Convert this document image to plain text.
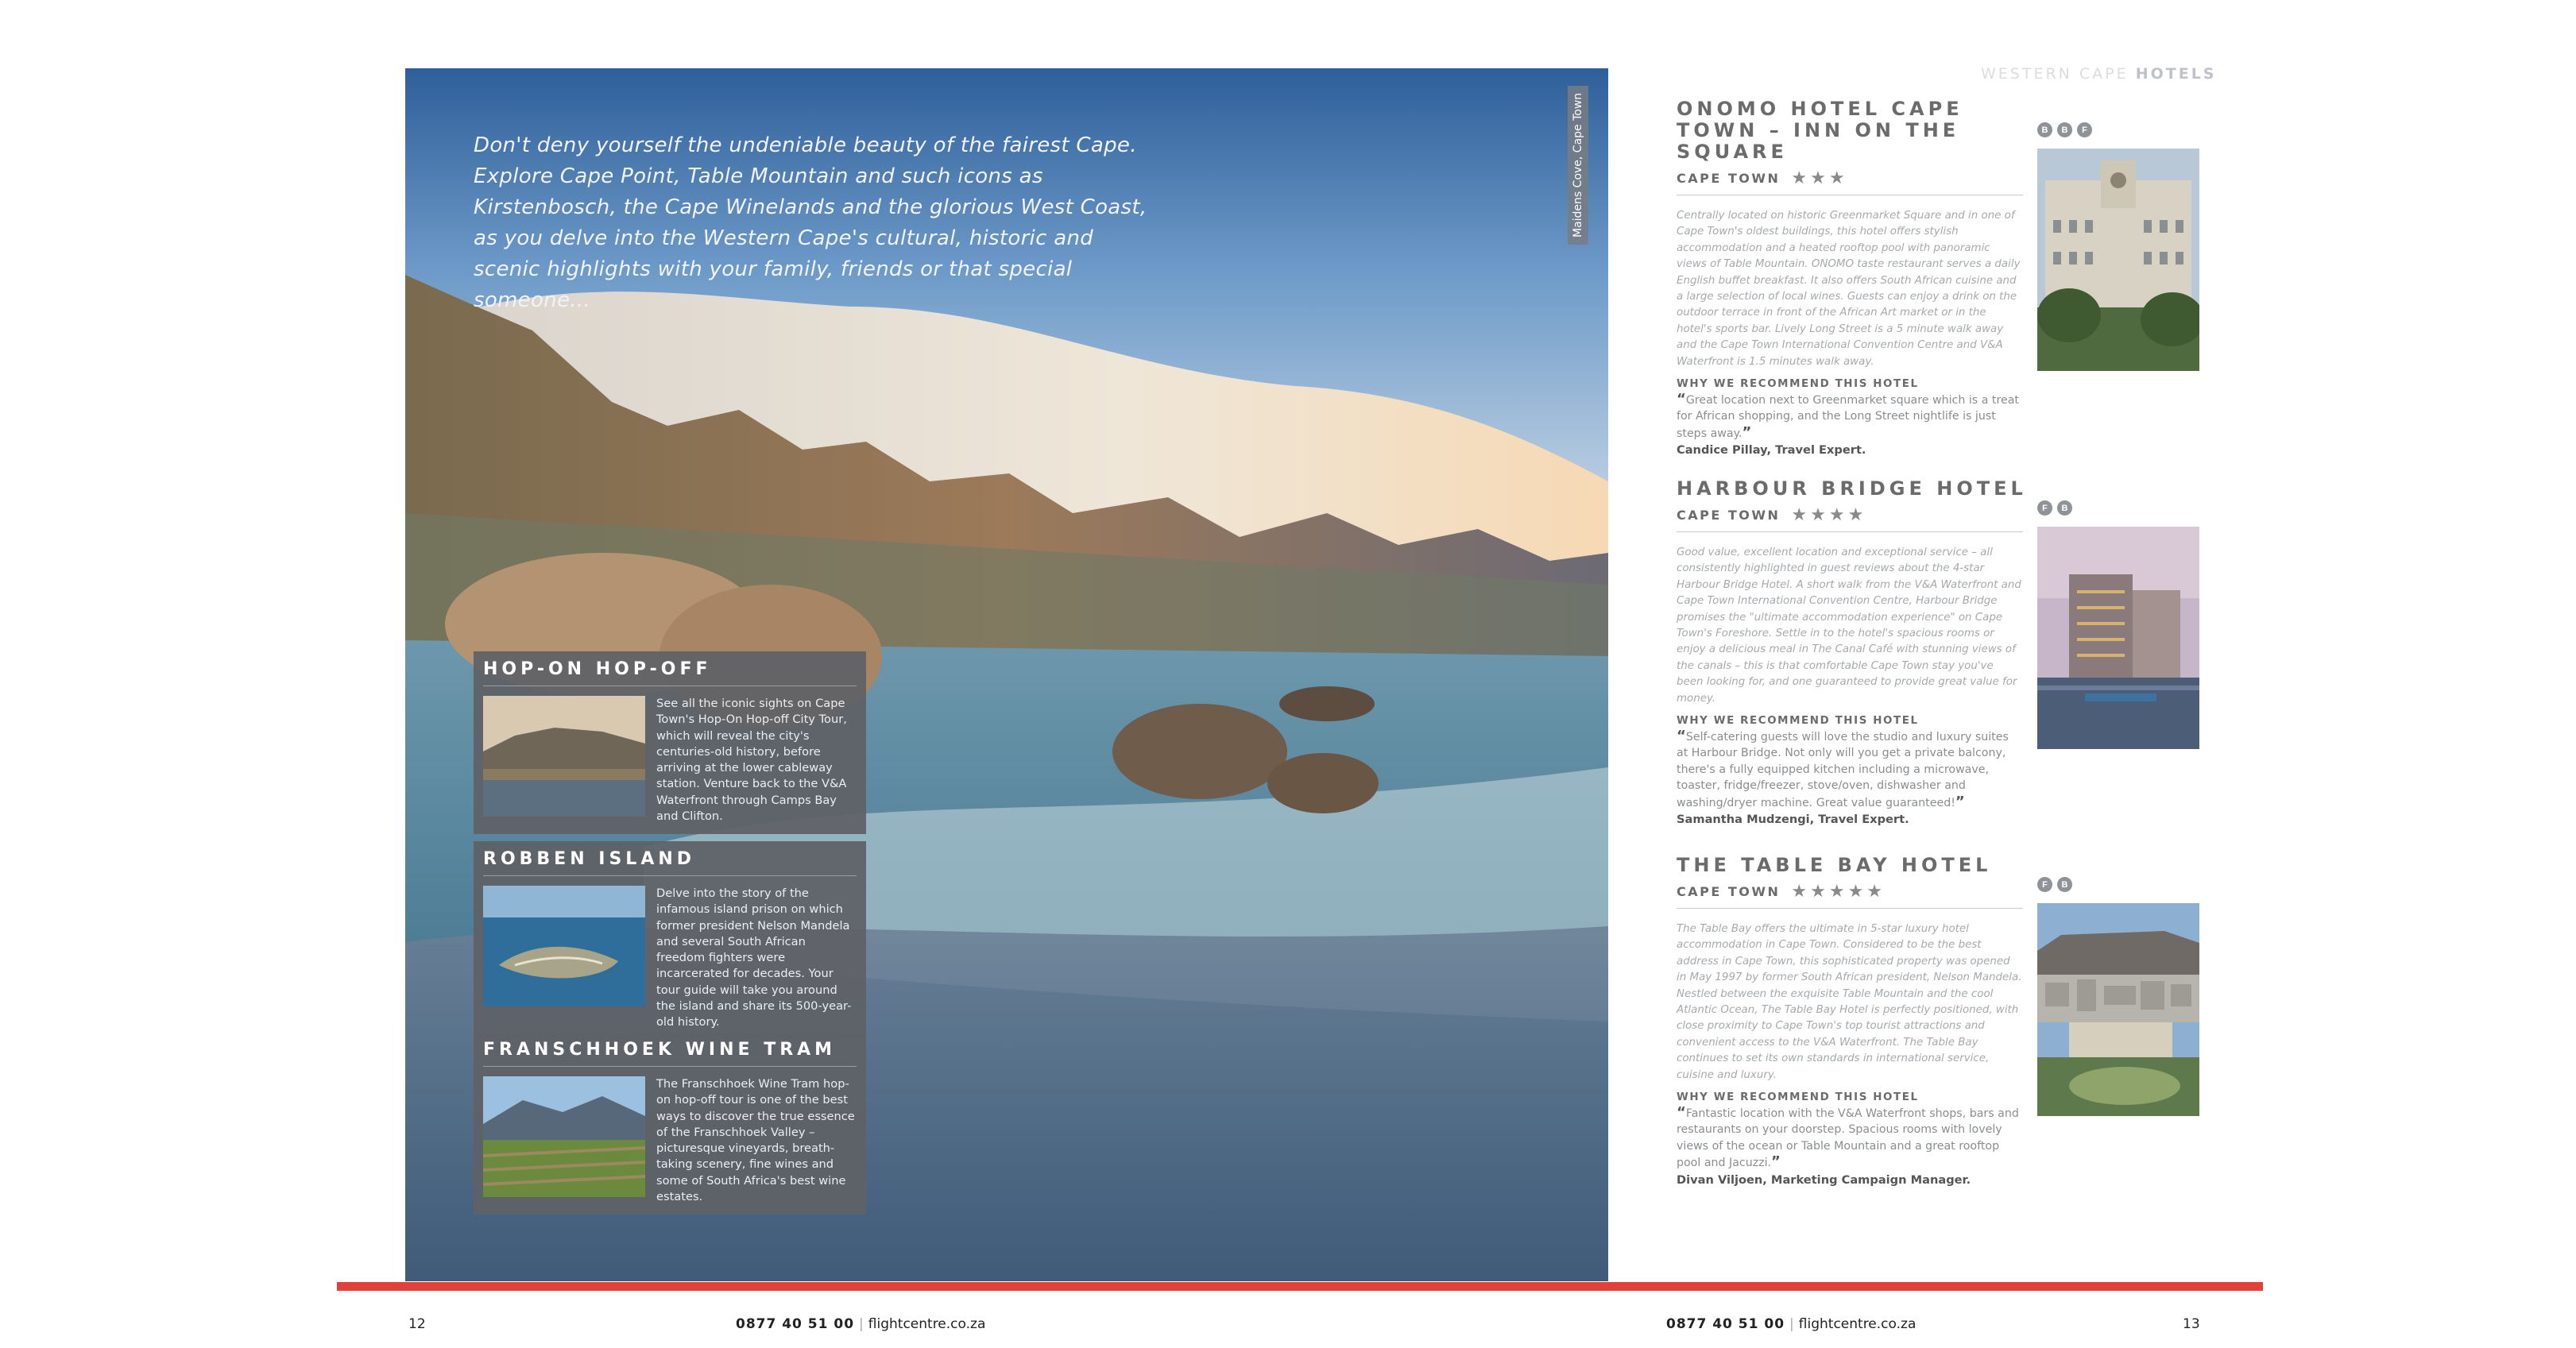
Don't deny yourself the undeniable beauty of the fairest Cape. Explore Cape Point, Table Mountain and such icons as Kirstenbosch, the Cape Winelands and the glorious West Coast, as you delve into the Western Cape's cultural, historic and scenic highlights with your family, friends or that special someone...

Maidens Cove, Cape Town
HOP-ON HOP-OFF

See all the iconic sights on Cape Town's Hop-On Hop-off City Tour, which will reveal the city's centuries-old history, before arriving at the lower cableway station. Venture back to the V&A Waterfront through Camps Bay and Clifton.

ROBBEN ISLAND

Delve into the story of the infamous island prison on which former president Nelson Mandela and several South African freedom fighters were incarcerated for decades. Your tour guide will take you around the island and share its 500-year-old history.

FRANSCHHOEK WINE TRAM

The Franschhoek Wine Tram hop-on hop-off tour is one of the best ways to discover the true essence of the Franschhoek Valley – picturesque vineyards, breath-taking scenery, fine wines and some of South Africa's best wine estates.

WESTERN CAPE HOTELS
ONOMO HOTEL CAPE TOWN – INN ON THE SQUARE
CAPE TOWN ★★★

Centrally located on historic Greenmarket Square and in one of Cape Town's oldest buildings, this hotel offers stylish accommodation and a heated rooftop pool with panoramic views of Table Mountain. ONOMO taste restaurant serves a daily English buffet breakfast. It also offers South African cuisine and a large selection of local wines. Guests can enjoy a drink on the outdoor terrace in front of the African Art market or in the hotel's sports bar. Lively Long Street is a 5 minute walk away and the Cape Town International Convention Centre and V&A Waterfront is 1.5 minutes walk away.

WHY WE RECOMMEND THIS HOTEL

“Great location next to Greenmarket square which is a treat for African shopping, and the Long Street nightlife is just steps away.”

Candice Pillay, Travel Expert.

B	B	F
HARBOUR BRIDGE HOTEL
CAPE TOWN ★★★★

Good value, excellent location and exceptional service – all consistently highlighted in guest reviews about the 4-star Harbour Bridge Hotel. A short walk from the V&A Waterfront and Cape Town International Convention Centre, Harbour Bridge promises the "ultimate accommodation experience" on Cape Town's Foreshore. Settle in to the hotel's spacious rooms or enjoy a delicious meal in The Canal Café with stunning views of the canals – this is that comfortable Cape Town stay you've been looking for, and one guaranteed to provide great value for money.

WHY WE RECOMMEND THIS HOTEL

“Self-catering guests will love the studio and luxury suites at Harbour Bridge. Not only will you get a private balcony, there's a fully equipped kitchen including a microwave, toaster, fridge/freezer, stove/oven, dishwasher and washing/dryer machine. Great value guaranteed!”

Samantha Mudzengi, Travel Expert.

F	B
THE TABLE BAY HOTEL
CAPE TOWN ★★★★★

The Table Bay offers the ultimate in 5-star luxury hotel accommodation in Cape Town. Considered to be the best address in Cape Town, this sophisticated property was opened in May 1997 by former South African president, Nelson Mandela. Nestled between the exquisite Table Mountain and the cool Atlantic Ocean, The Table Bay Hotel is perfectly positioned, with close proximity to Cape Town's top tourist attractions and convenient access to the V&A Waterfront. The Table Bay continues to set its own standards in international service, cuisine and luxury.

WHY WE RECOMMEND THIS HOTEL

“Fantastic location with the V&A Waterfront shops, bars and restaurants on your doorstep. Spacious rooms with lovely views of the ocean or Table Mountain and a great rooftop pool and Jacuzzi.”

Divan Viljoen, Marketing Campaign Manager.

F	B
12	0877 40 51 00 | flightcentre.co.za	0877 40 51 00 | flightcentre.co.za	13
